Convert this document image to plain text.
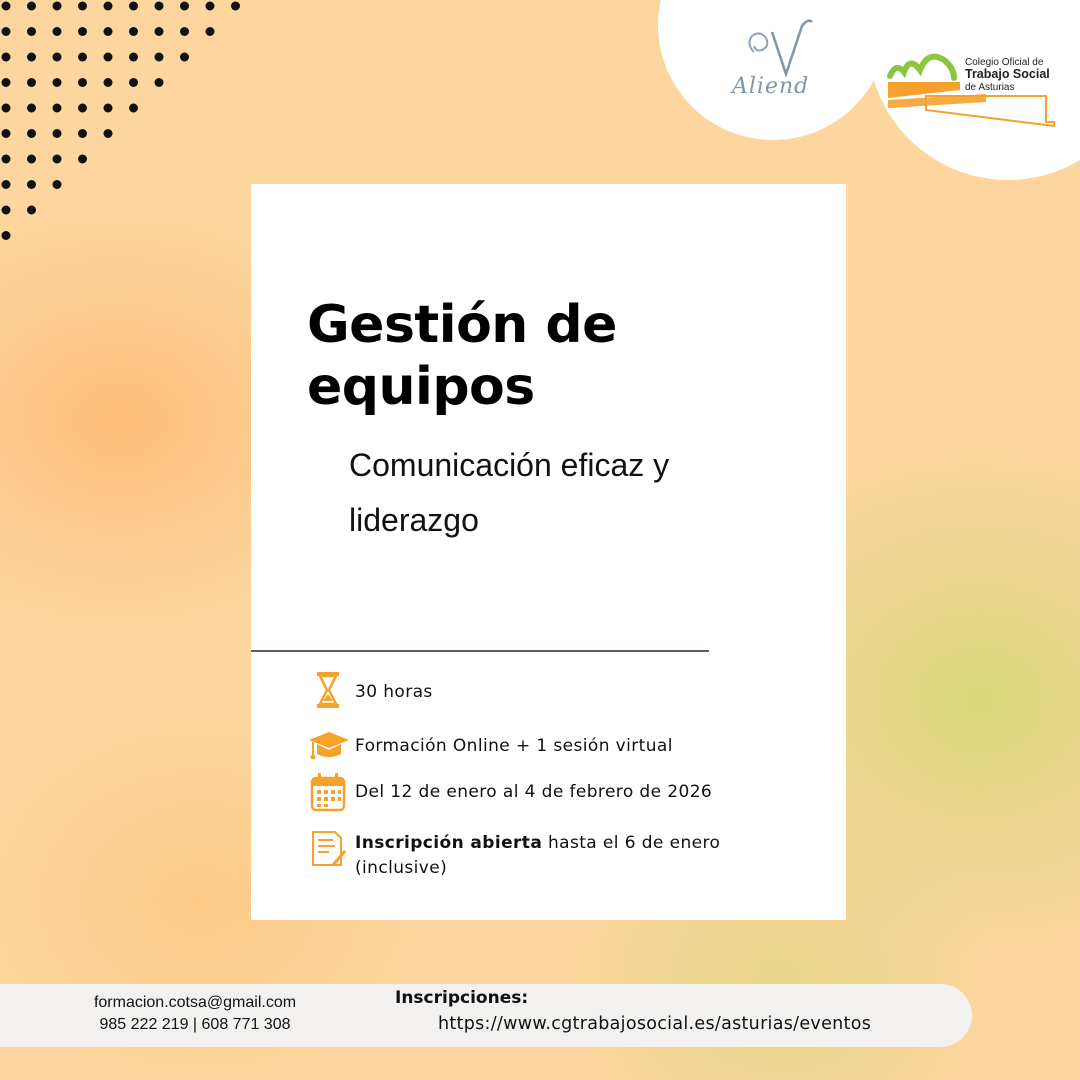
Aliend
Colegio Oficial de
Trabajo Social
de Asturias
Gestión de equipos
Comunicación eficaz y liderazgo
30 horas
Formación Online + 1 sesión virtual
Del 12 de enero al 4 de febrero de 2026
Inscripción abierta hasta el 6 de enero (inclusive)
formacion.cotsa@gmail.com
985 222 219 | 608 771 308
Inscripciones:
https://www.cgtrabajosocial.es/asturias/eventos
